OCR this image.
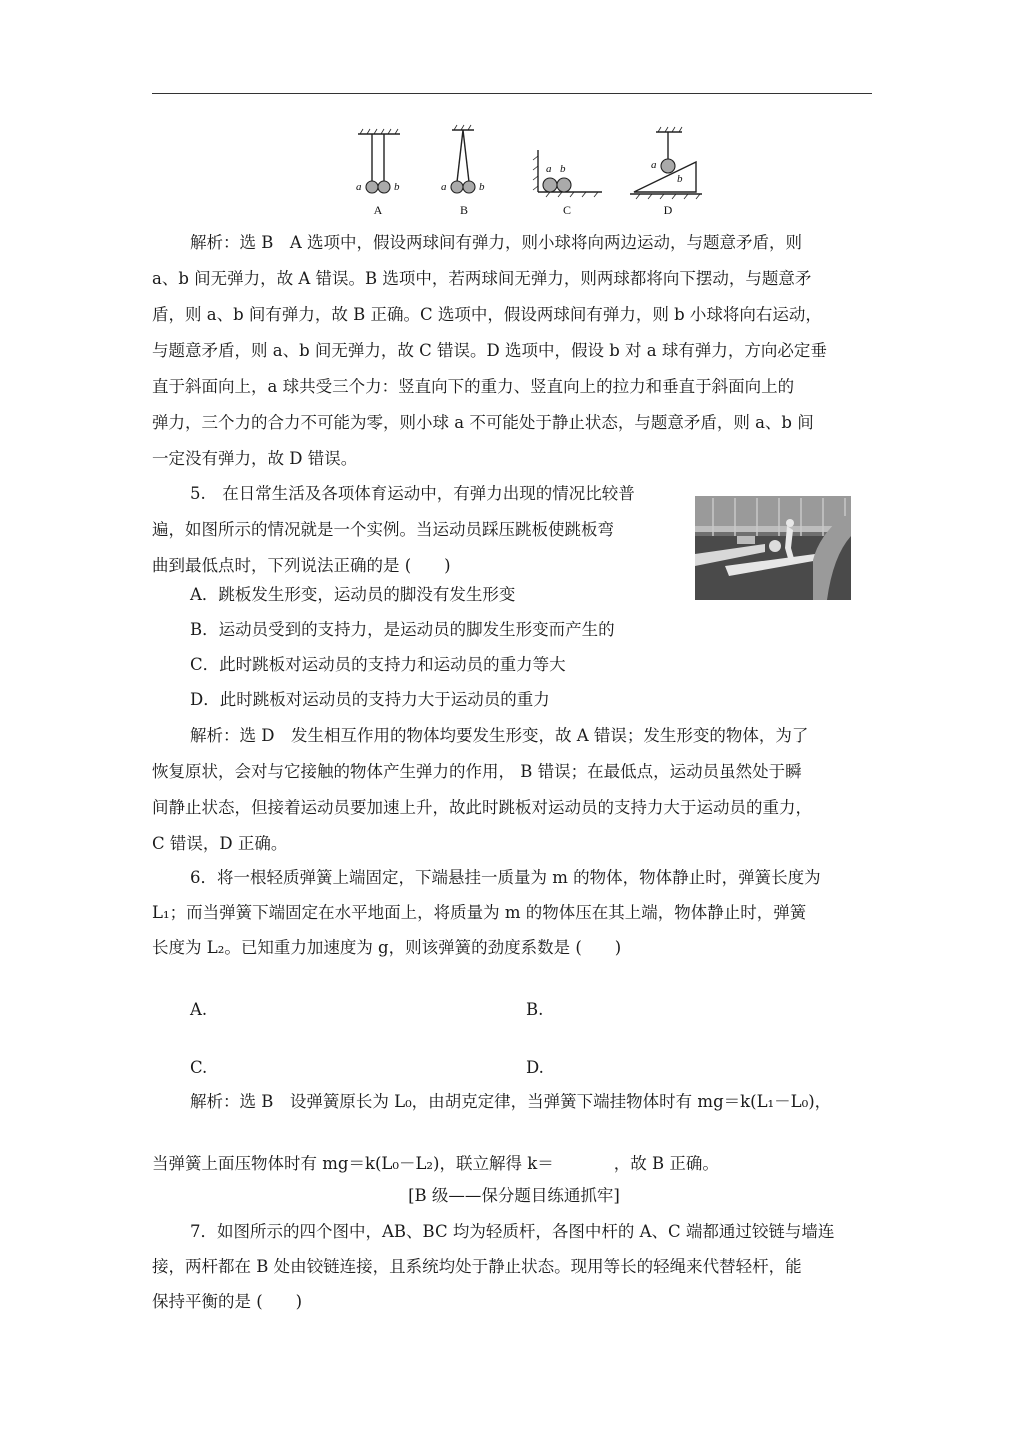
a	b	a	b
a b	a
b
A	B	C	D
解析：选 B　A 选项中，假设两球间有弹力，则小球将向两边运动，与题意矛盾，则
a、b 间无弹力，故 A 错误。B 选项中，若两球间无弹力，则两球都将向下摆动，与题意矛
盾，则 a、b 间有弹力，故 B 正确。C 选项中，假设两球间有弹力，则 b 小球将向右运动，
与题意矛盾，则 a、b 间无弹力，故 C 错误。D 选项中，假设 b 对 a 球有弹力，方向必定垂
直于斜面向上，a 球共受三个力：竖直向下的重力、竖直向上的拉力和垂直于斜面向上的
弹力，三个力的合力不可能为零，则小球 a 不可能处于静止状态，与题意矛盾，则 a、b 间
一定没有弹力，故 D 错误。
5.　在日常生活及各项体育运动中，有弹力出现的情况比较普
遍，如图所示的情况就是一个实例。当运动员踩压跳板使跳板弯
曲到最低点时，下列说法正确的是 (　　)
A．跳板发生形变，运动员的脚没有发生形变
B．运动员受到的支持力，是运动员的脚发生形变而产生的
C．此时跳板对运动员的支持力和运动员的重力等大
D．此时跳板对运动员的支持力大于运动员的重力
解析：选 D　发生相互作用的物体均要发生形变，故 A 错误；发生形变的物体，为了
恢复原状，会对与它接触的物体产生弹力的作用， B 错误；在最低点，运动员虽然处于瞬
间静止状态，但接着运动员要加速上升，故此时跳板对运动员的支持力大于运动员的重力，
C 错误，D 正确。
6．将一根轻质弹簧上端固定，下端悬挂一质量为 m 的物体，物体静止时，弹簧长度为
L₁；而当弹簧下端固定在水平地面上，将质量为 m 的物体压在其上端，物体静止时，弹簧
长度为 L₂。已知重力加速度为 g，则该弹簧的劲度系数是 (　　)
A.	B.
C.	D.
解析：选 B　设弹簧原长为 L₀，由胡克定律，当弹簧下端挂物体时有 mg＝k(L₁－L₀)，
当弹簧上面压物体时有 mg＝k(L₀－L₂)，联立解得 k＝	，故 B 正确。
[B 级——保分题目练通抓牢]
7．如图所示的四个图中，AB、BC 均为轻质杆，各图中杆的 A、C 端都通过铰链与墙连
接，两杆都在 B 处由铰链连接，且系统均处于静止状态。现用等长的轻绳来代替轻杆，能
保持平衡的是 (　　)
